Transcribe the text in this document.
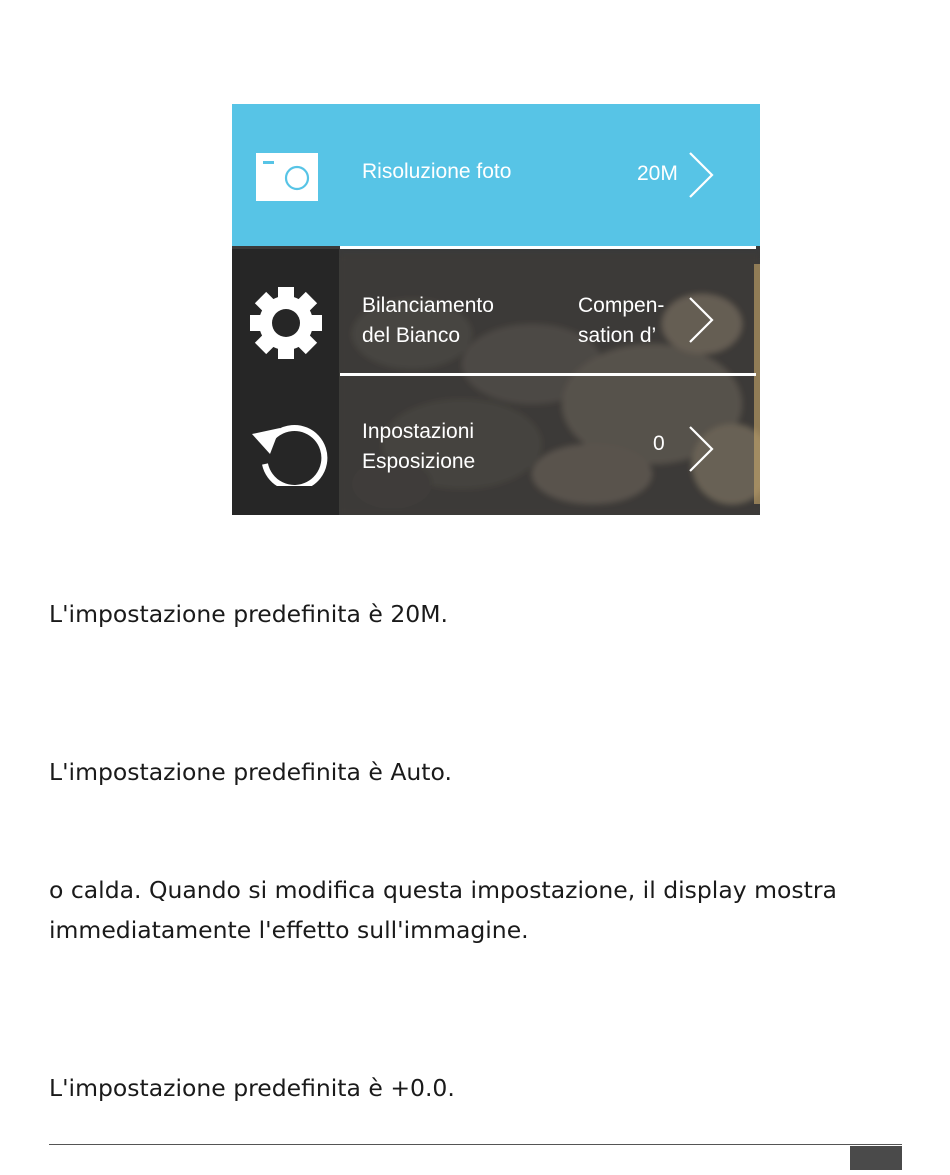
Risoluzione foto	20M
Bilanciamento
del Bianco
Compen-
sation d’
Inpostazioni
Esposizione
0

L'impostazione predefinita è 20M.

L'impostazione predefinita è Auto.

o calda. Quando si modifica questa impostazione, il display mostra

immediatamente l'effetto sull'immagine.

L'impostazione predefinita è +0.0.
